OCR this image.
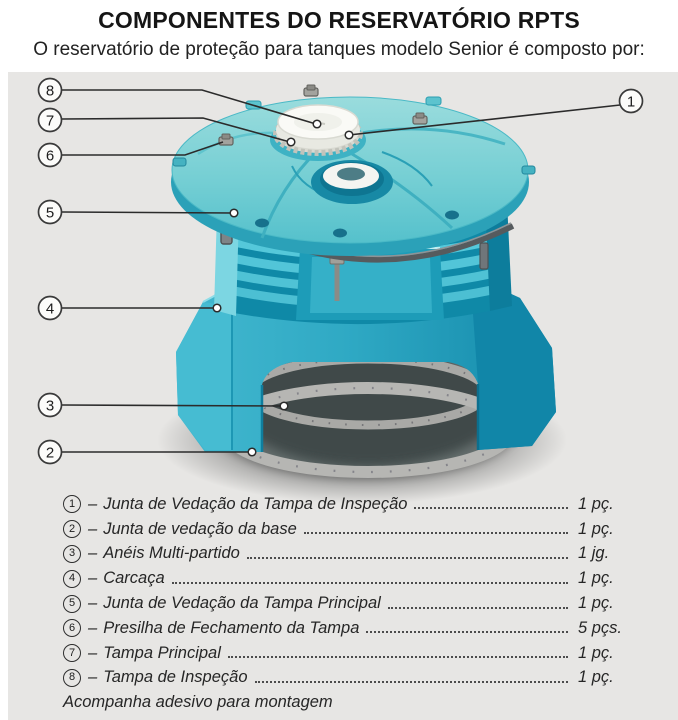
COMPONENTES DO RESERVATÓRIO RPTS
O reservatório de proteção para tanques modelo Senior é composto por:
1
2
3
4
5
6
7
8
1 – Junta de Vedação da Tampa de Inspeção	1 pç.
2 – Junta de vedação da base	1 pç.
3 – Anéis Multi-partido	1 jg.
4 – Carcaça	1 pç.
5 – Junta de Vedação da Tampa Principal	1 pç.
6 – Presilha de Fechamento da Tampa	5 pçs.
7 – Tampa Principal	1 pç.
8 – Tampa de Inspeção	1 pç.
Acompanha adesivo para montagem
